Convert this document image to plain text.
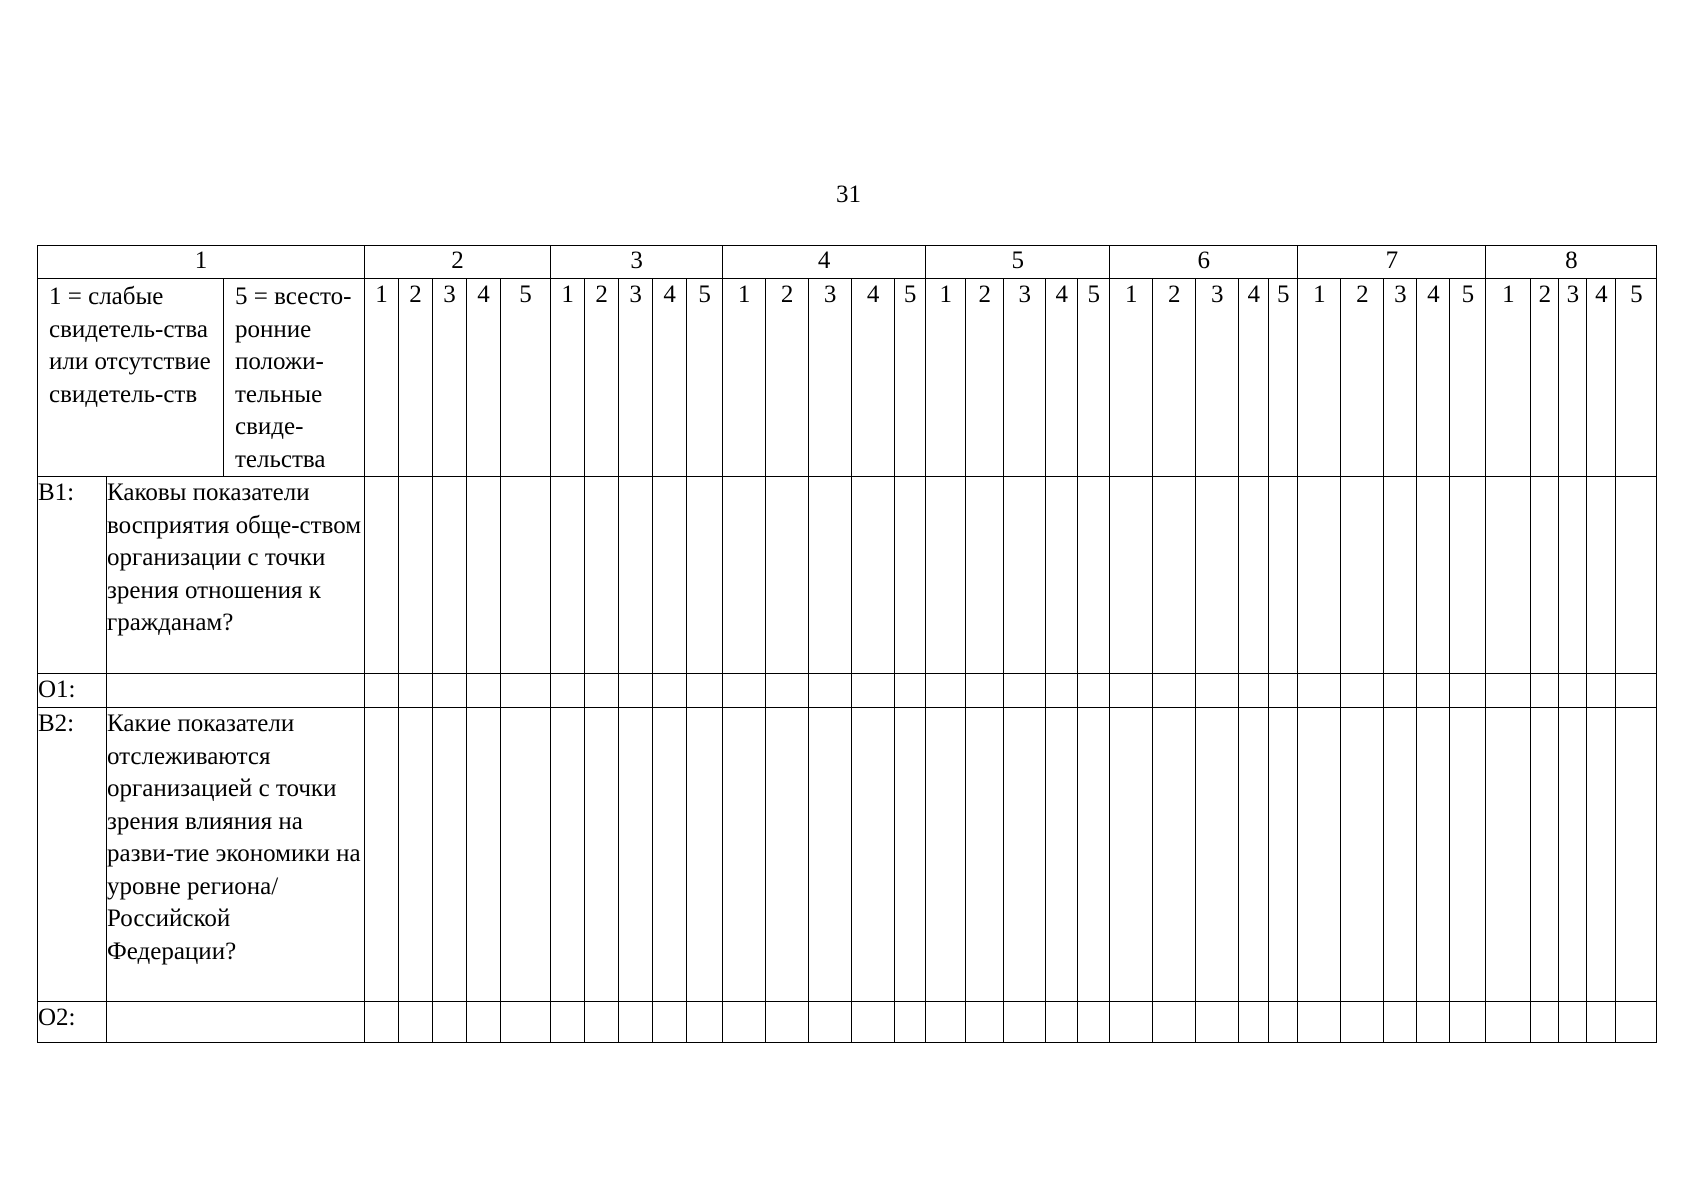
31
1			2					3					4					5					6					7					8				
1 = слабые свидетель-ства или отсутствие свидетель-ств		5 = всесто-ронние положи-тельные свиде-тельства	1	2	3	4	5	1	2	3	4	5	1	2	3	4	5	1	2	3	4	5	1	2	3	4	5	1	2	3	4	5	1	2	3	4	5
В1:	Каковы показатели восприятия обще-ством организации с точки зрения отношения к гражданам?																																				
О1:																																					
В2:	Какие показатели отслеживаются организацией с точки зрения влияния на разви-тие экономики на уровне региона/ Российской Федерации?																																				
О2:																																					
